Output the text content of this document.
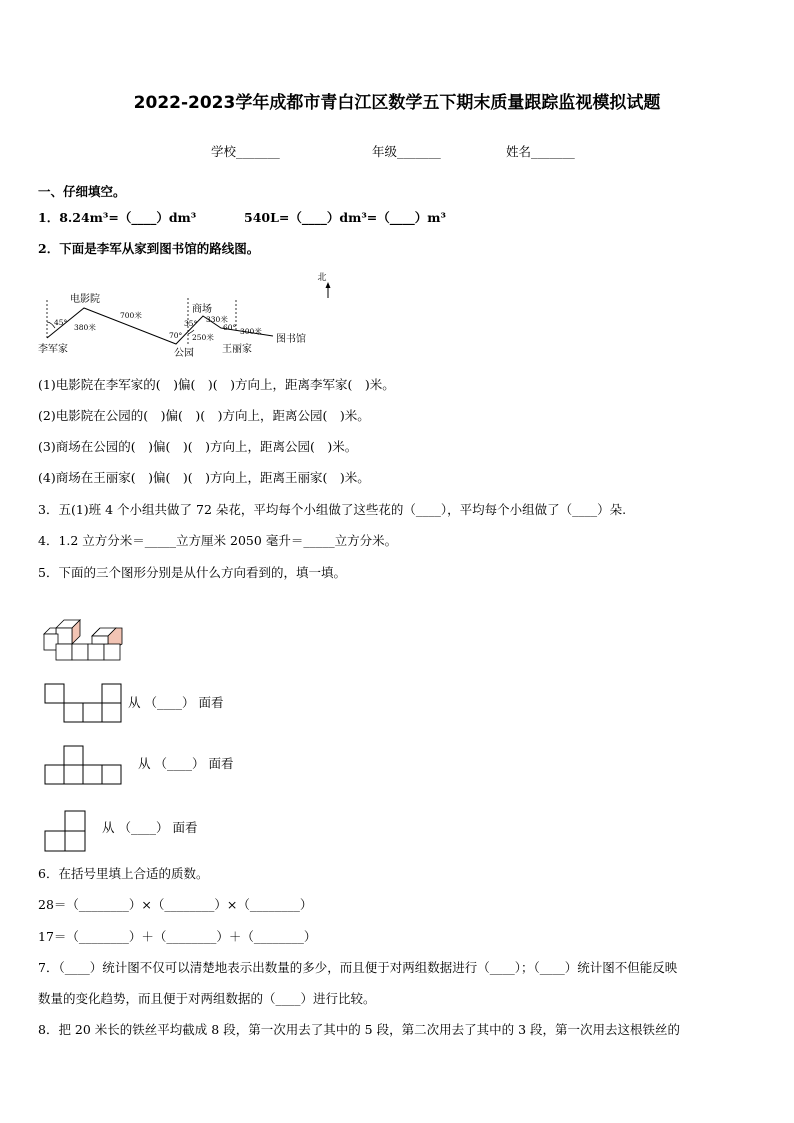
2022-2023学年成都市青白江区数学五下期末质量跟踪监视模拟试题
学校_______	年级_______	姓名_______
一、仔细填空。
1．8.24m³=（____）dm³	540L=（____）dm³=（____）m³
2．下面是李军从家到图书馆的路线图。
北
李军家
电影院
公园
商场
王丽家
图书馆
380米
700米
250米
330米
300米
45°
70°
35°	60°
(1)电影院在李军家的(　)偏(　)(　)方向上，距离李军家(　)米。
(2)电影院在公园的(　)偏(　)(　)方向上，距离公园(　)米。
(3)商场在公园的(　)偏(　)(　)方向上，距离公园(　)米。
(4)商场在王丽家(　)偏(　)(　)方向上，距离王丽家(　)米。
3．五(1)班 4 个小组共做了 72 朵花，平均每个小组做了这些花的（____），平均每个小组做了（____）朵.
4．1.2 立方分米＝_____立方厘米 2050 毫升＝_____立方分米。
5．下面的三个图形分别是从什么方向看到的，填一填。
从 （____） 面看
从 （____） 面看
从 （____） 面看
6．在括号里填上合适的质数。
28＝（________）×（________）×（________）
17＝（________）＋（________）＋（________）
7．（____）统计图不仅可以清楚地表示出数量的多少，而且便于对两组数据进行（____）；（____）统计图不但能反映
数量的变化趋势，而且便于对两组数据的（____）进行比较。
8．把 20 米长的铁丝平均截成 8 段，第一次用去了其中的 5 段，第二次用去了其中的 3 段，第一次用去这根铁丝的
